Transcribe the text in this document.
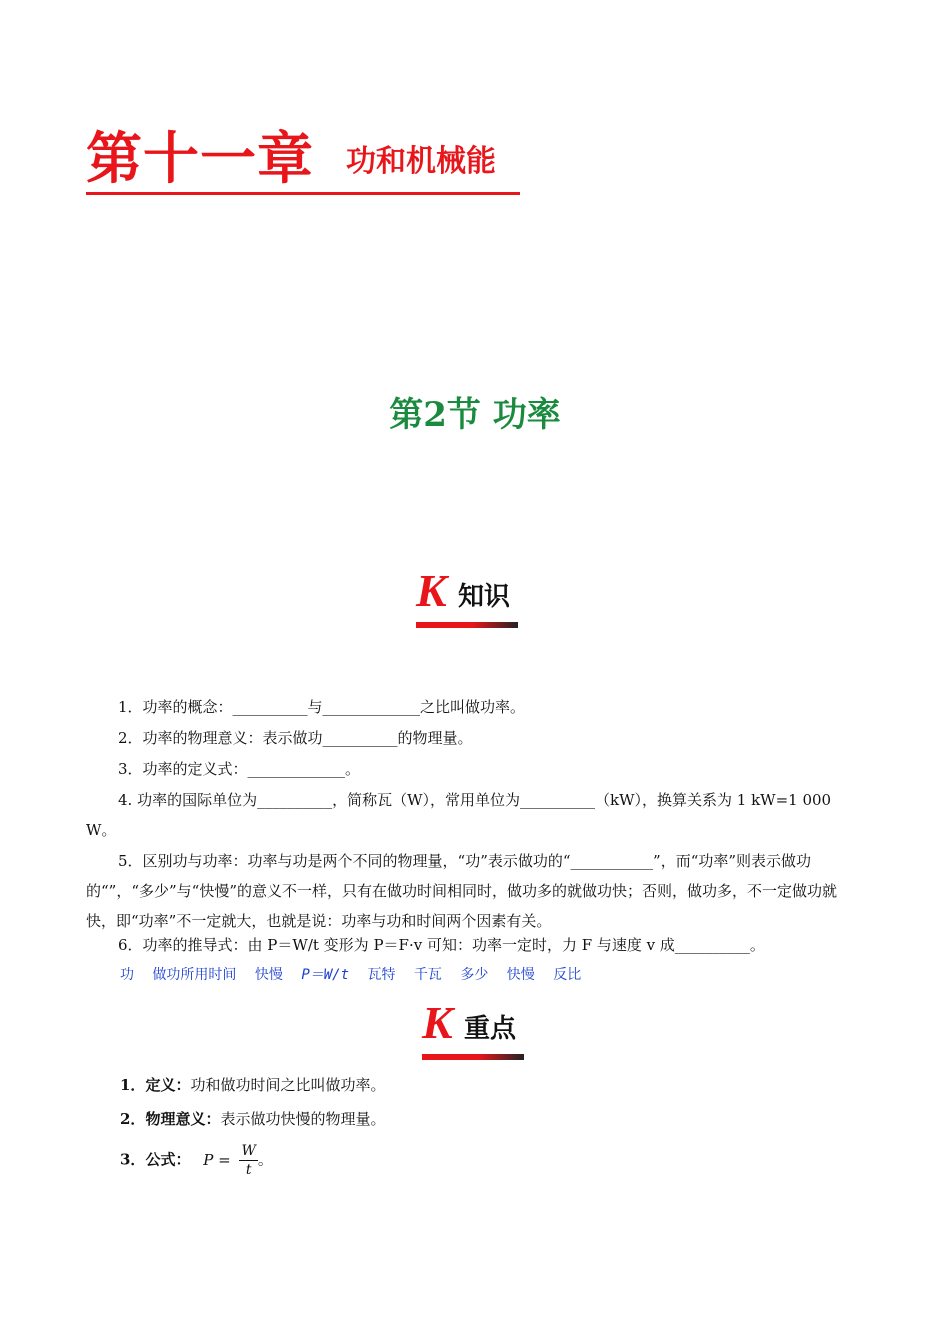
第十一章 功和机械能
第2节 功率
K 知识
1．功率的概念：__________与_____________之比叫做功率。
2．功率的物理意义：表示做功__________的物理量。
3．功率的定义式：_____________。
4. 功率的国际单位为__________，简称瓦（W），常用单位为__________（kW），换算关系为 1 kW=1 000 W。
5．区别功与功率：功率与功是两个不同的物理量，“功”表示做功的“___________”，而“功率”则表示做功的“”，“多少”与“快慢”的意义不一样，只有在做功时间相同时，做功多的就做功快；否则，做功多，不一定做功就快，即“功率”不一定就大，也就是说：功率与功和时间两个因素有关。
6．功率的推导式：由 P＝W/t 变形为 P＝F·v 可知：功率一定时，力 F 与速度 v 成__________。
功 做功所用时间 快慢 P＝W/t 瓦特 千瓦 多少 快慢 反比
K 重点
1．定义：功和做功时间之比叫做功率。
2．物理意义：表示做功快慢的物理量。
3．公式： $P = \frac{W}{t}$ 。
